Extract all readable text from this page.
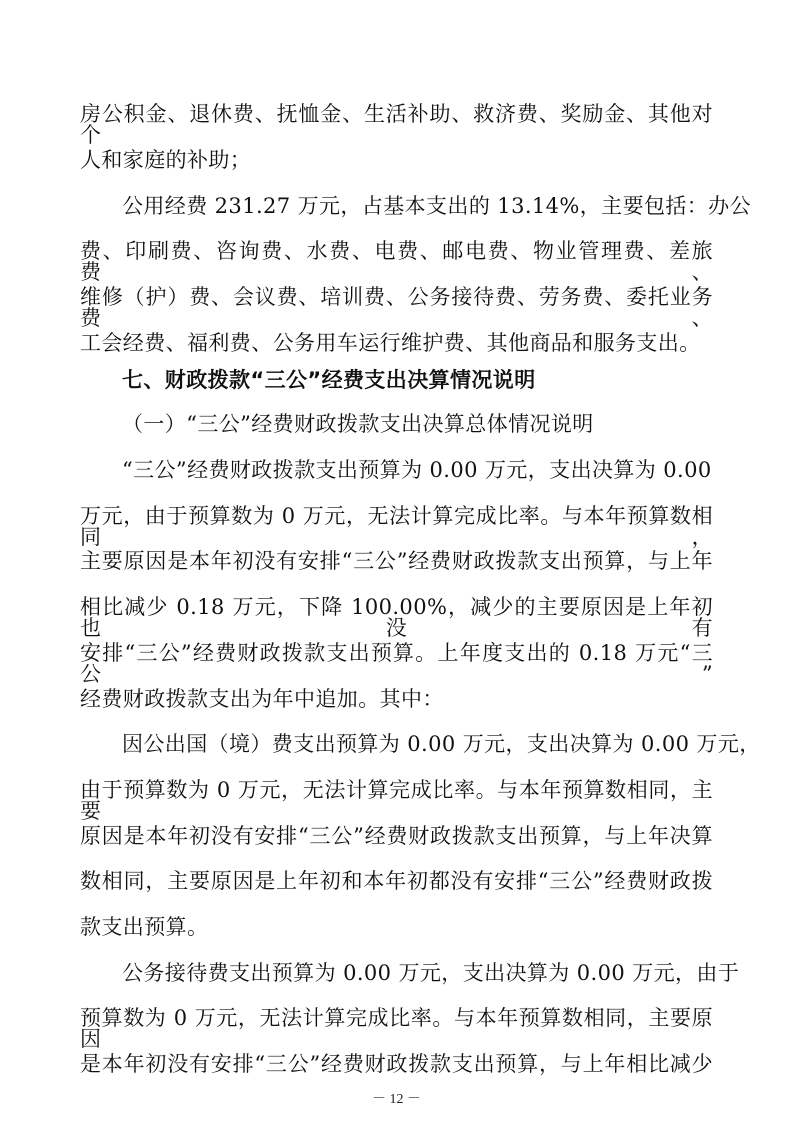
房公积金、退休费、抚恤金、生活补助、救济费、奖励金、其他对个
人和家庭的补助；
公用经费 231.27 万元，占基本支出的 13.14%，主要包括：办公
费、印刷费、咨询费、水费、电费、邮电费、物业管理费、差旅费、
维修（护）费、会议费、培训费、公务接待费、劳务费、委托业务费、
工会经费、福利费、公务用车运行维护费、其他商品和服务支出。
七、财政拨款“三公”经费支出决算情况说明
（一）“三公”经费财政拨款支出决算总体情况说明
“三公”经费财政拨款支出预算为 0.00 万元，支出决算为 0.00
万元，由于预算数为 0 万元，无法计算完成比率。与本年预算数相同，
主要原因是本年初没有安排“三公”经费财政拨款支出预算，与上年
相比减少 0.18 万元，下降 100.00%，减少的主要原因是上年初也没有
安排“三公”经费财政拨款支出预算。上年度支出的 0.18 万元“三公”
经费财政拨款支出为年中追加。其中：
因公出国（境）费支出预算为 0.00 万元，支出决算为 0.00 万元，
由于预算数为 0 万元，无法计算完成比率。与本年预算数相同，主要
原因是本年初没有安排“三公”经费财政拨款支出预算，与上年决算
数相同，主要原因是上年初和本年初都没有安排“三公”经费财政拨
款支出预算。
公务接待费支出预算为 0.00 万元，支出决算为 0.00 万元，由于
预算数为 0 万元，无法计算完成比率。与本年预算数相同，主要原因
是本年初没有安排“三公”经费财政拨款支出预算，与上年相比减少
－ 12 －
